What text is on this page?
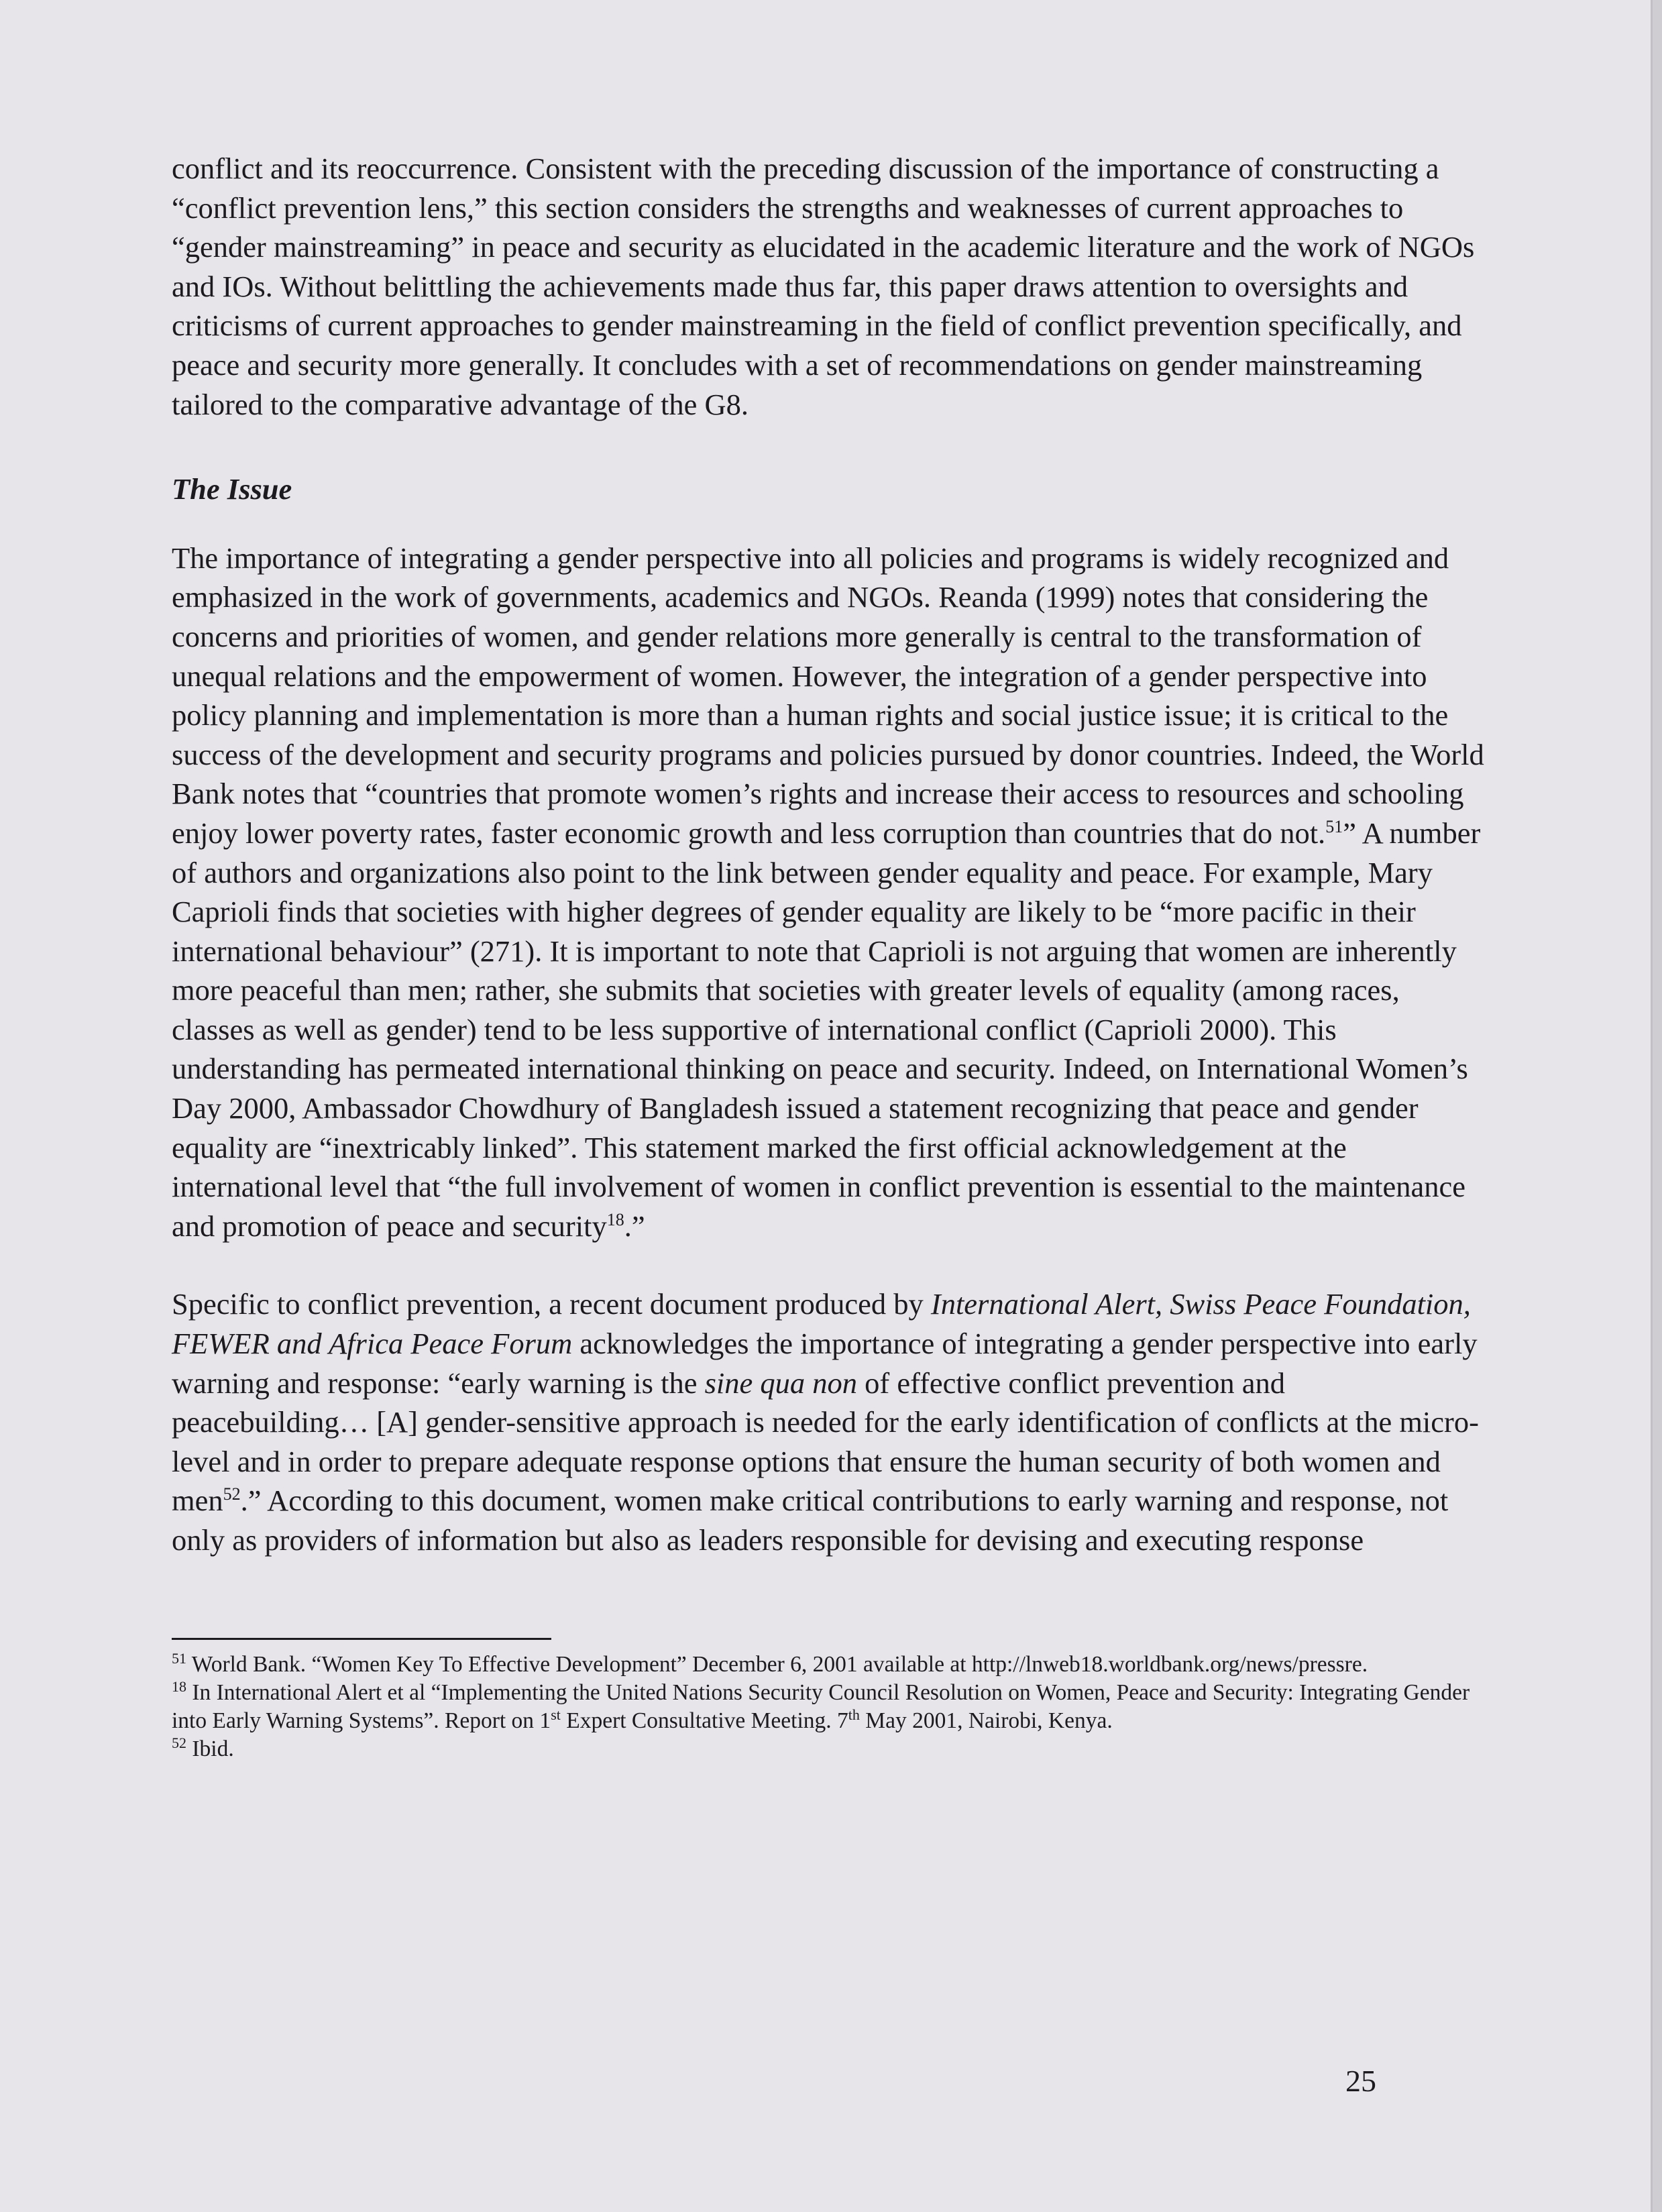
conflict and its reoccurrence. Consistent with the preceding discussion of the importance of constructing a “conflict prevention lens,” this section considers the strengths and weaknesses of current approaches to “gender mainstreaming” in peace and security as elucidated in the academic literature and the work of NGOs and IOs. Without belittling the achievements made thus far, this paper draws attention to oversights and criticisms of current approaches to gender mainstreaming in the field of conflict prevention specifically, and peace and security more generally. It concludes with a set of recommendations on gender mainstreaming tailored to the comparative advantage of the G8.

The Issue

The importance of integrating a gender perspective into all policies and programs is widely recognized and emphasized in the work of governments, academics and NGOs. Reanda (1999) notes that considering the concerns and priorities of women, and gender relations more generally is central to the transformation of unequal relations and the empowerment of women. However, the integration of a gender perspective into policy planning and implementation is more than a human rights and social justice issue; it is critical to the success of the development and security programs and policies pursued by donor countries. Indeed, the World Bank notes that “countries that promote women’s rights and increase their access to resources and schooling enjoy lower poverty rates, faster economic growth and less corruption than countries that do not.$^{51}$” A number of authors and organizations also point to the link between gender equality and peace. For example, Mary Caprioli finds that societies with higher degrees of gender equality are likely to be “more pacific in their international behaviour” (271). It is important to note that Caprioli is not arguing that women are inherently more peaceful than men; rather, she submits that societies with greater levels of equality (among races, classes as well as gender) tend to be less supportive of international conflict (Caprioli 2000). This understanding has permeated international thinking on peace and security. Indeed, on International Women’s Day 2000, Ambassador Chowdhury of Bangladesh issued a statement recognizing that peace and gender equality are “inextricably linked”. This statement marked the first official acknowledgement at the international level that “the full involvement of women in conflict prevention is essential to the maintenance and promotion of peace and security$^{18}$.”

Specific to conflict prevention, a recent document produced by International Alert, Swiss Peace Foundation, FEWER and Africa Peace Forum acknowledges the importance of integrating a gender perspective into early warning and response: “early warning is the sine qua non of effective conflict prevention and peacebuilding… [A] gender-sensitive approach is needed for the early identification of conflicts at the micro-level and in order to prepare adequate response options that ensure the human security of both women and men$^{52}$.” According to this document, women make critical contributions to early warning and response, not only as providers of information but also as leaders responsible for devising and executing response

$^{51}$ World Bank. “Women Key To Effective Development” December 6, 2001 available at http://lnweb18.worldbank.org/news/pressre.

$^{18}$ In International Alert et al “Implementing the United Nations Security Council Resolution on Women, Peace and Security: Integrating Gender into Early Warning Systems”. Report on 1st Expert Consultative Meeting. 7th May 2001, Nairobi, Kenya.

$^{52}$ Ibid.

25
